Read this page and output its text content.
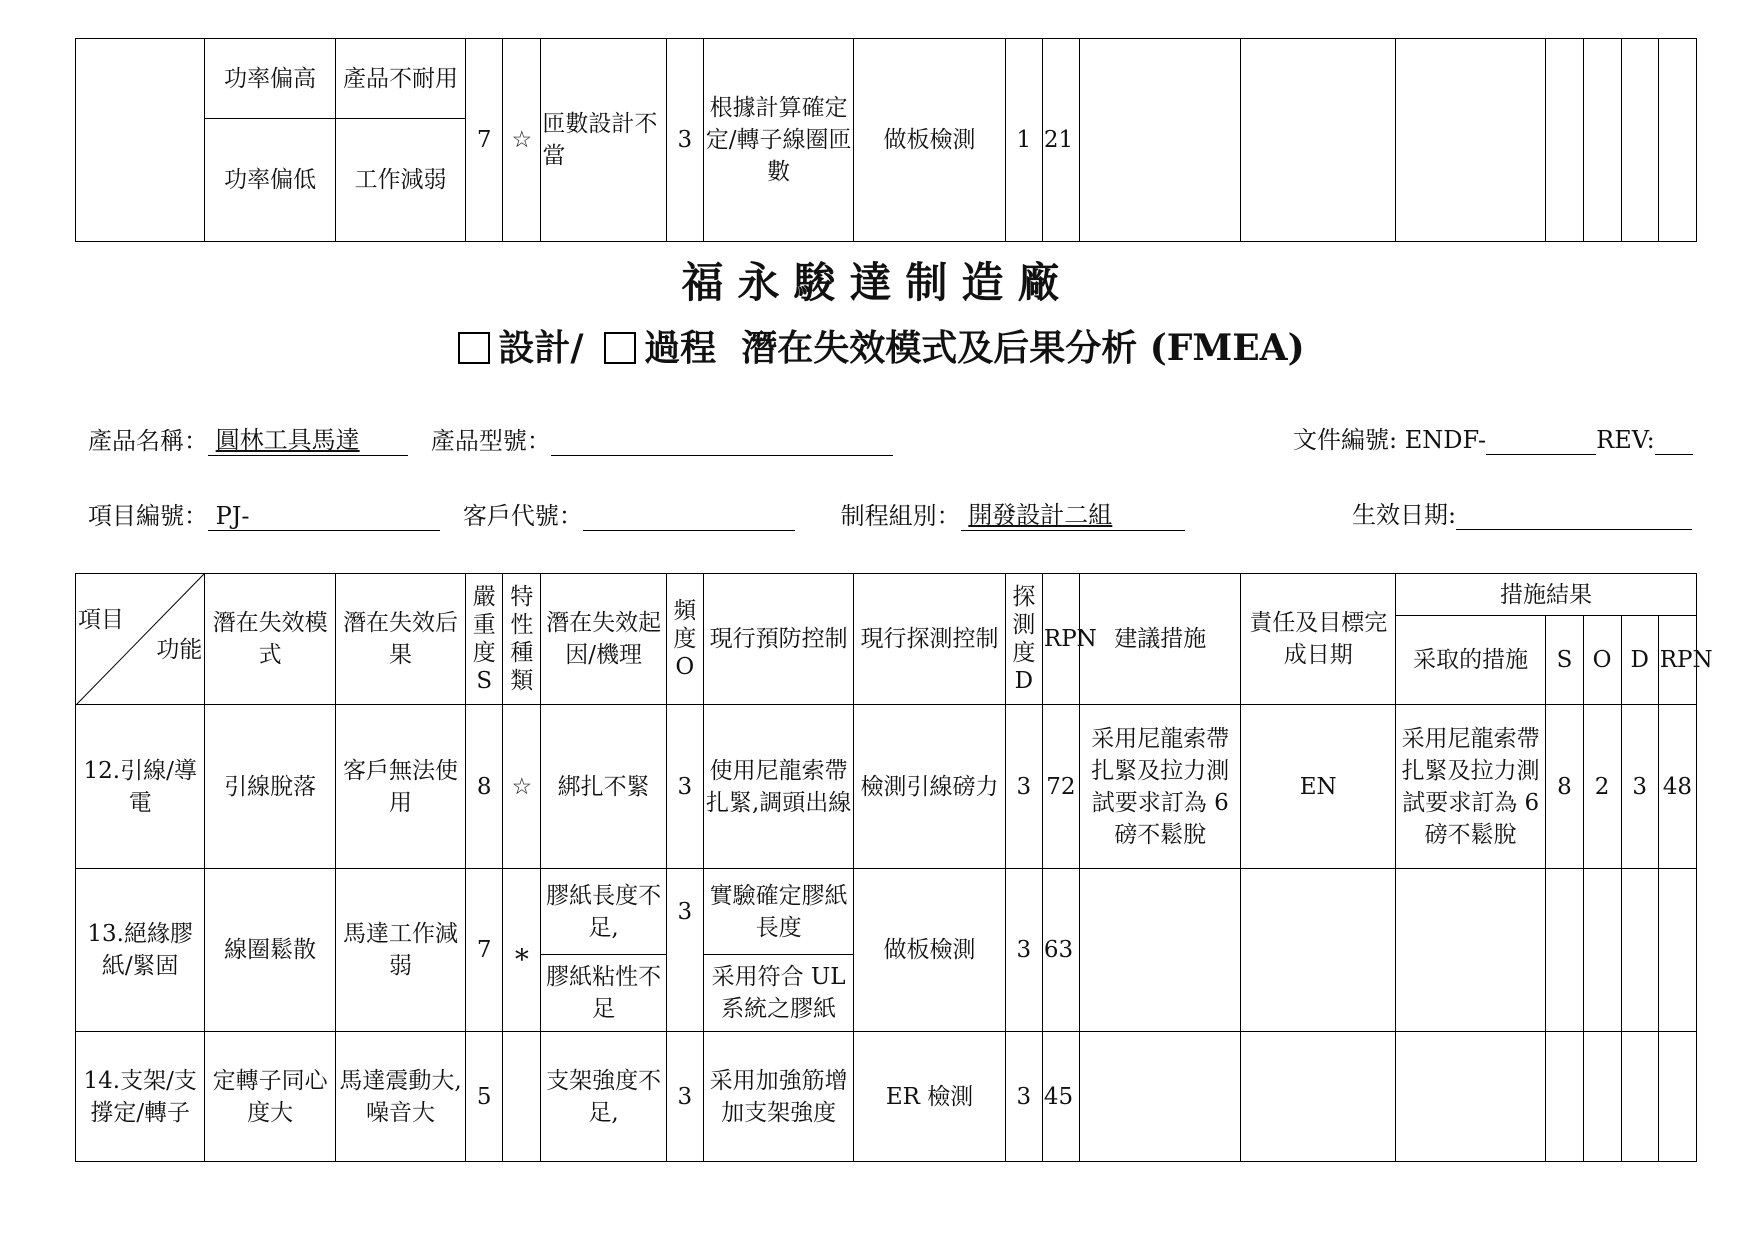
	功率偏高	產品不耐用	7	☆	匝數設計不當	3	根據計算確定定/轉子線圈匝數	做板檢測	1	21							
	功率偏低	工作減弱															
福永駿達制造廠
設計/ 過程 潛在失效模式及后果分析 (FMEA)
產品名稱： 圓林工具馬達	產品型號：	文件編號: ENDF-	REV:
項目編號： PJ-	客戶代號：	制程組別： 開發設計二組	生效日期:
項目
功能	潛在失效模式	潛在失效后果	嚴重度S	特性種類	潛在失效起因/機理	頻度O	現行預防控制	現行探測控制	探測度D	RPN	建議措施	責任及目標完成日期	措施結果				
													采取的措施	S	O	D	RPN
12.引線/導電	引線脫落	客戶無法使用	8	☆	綁扎不緊	3	使用尼龍索帶扎緊,調頭出線	檢測引線磅力	3	72	采用尼龍索帶扎緊及拉力測試要求訂為 6 磅不鬆脫	EN	采用尼龍索帶扎緊及拉力測試要求訂為 6 磅不鬆脫	8	2	3	48
13.絕緣膠紙/緊固	線圈鬆散	馬達工作減弱	7	*	膠紙長度不足,	3	實驗確定膠紙長度	做板檢測	3	63							
					膠紙粘性不足		采用符合 UL 系統之膠紙										
14.支架/支撐定/轉子	定轉子同心度大	馬達震動大,噪音大	5		支架強度不足,	3	采用加強筋增加支架強度	ER 檢測	3	45							
